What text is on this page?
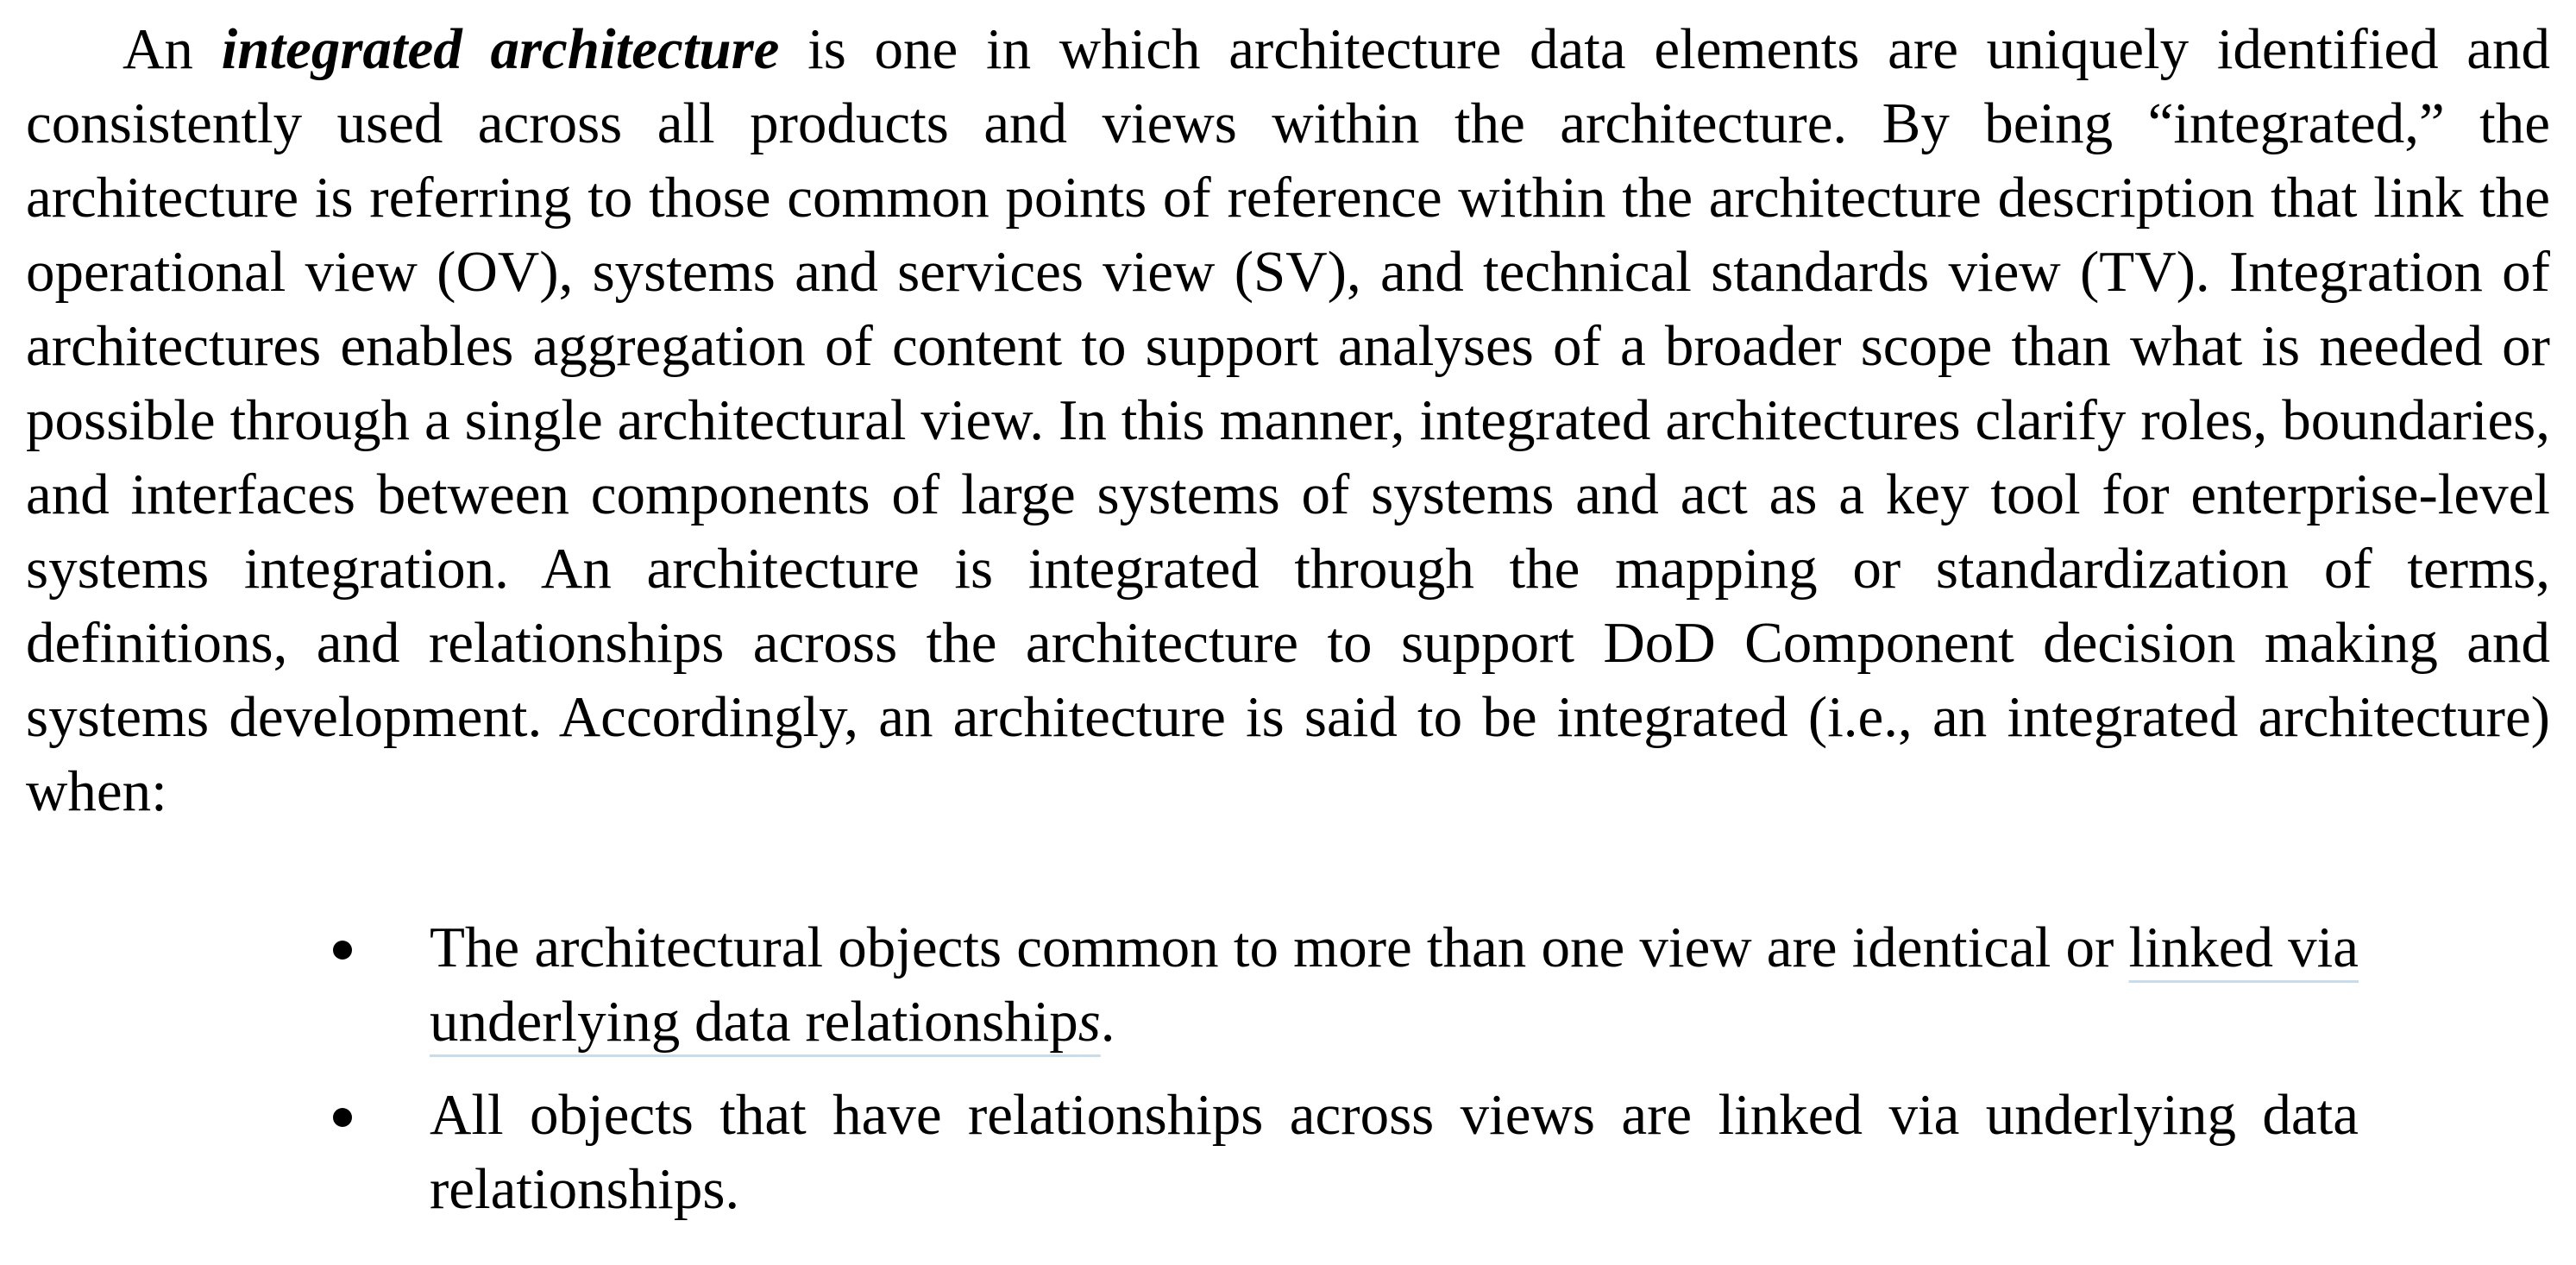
An integrated architecture is one in which architecture data elements are uniquely identified and consistently used across all products and views within the architecture. By being “integrated,” the architecture is referring to those common points of reference within the architecture description that link the operational view (OV), systems and services view (SV), and technical standards view (TV). Integration of architectures enables aggregation of content to support analyses of a broader scope than what is needed or possible through a single architectural view. In this manner, integrated architectures clarify roles, boundaries, and interfaces between components of large systems of systems and act as a key tool for enterprise-level systems integration. An architecture is integrated through the mapping or standardization of terms, definitions, and relationships across the architecture to support DoD Component decision making and systems development. Accordingly, an architecture is said to be integrated (i.e., an integrated architecture) when:

The architectural objects common to more than one view are identical or linked via underlying data relationships.
All objects that have relationships across views are linked via underlying data relationships.
